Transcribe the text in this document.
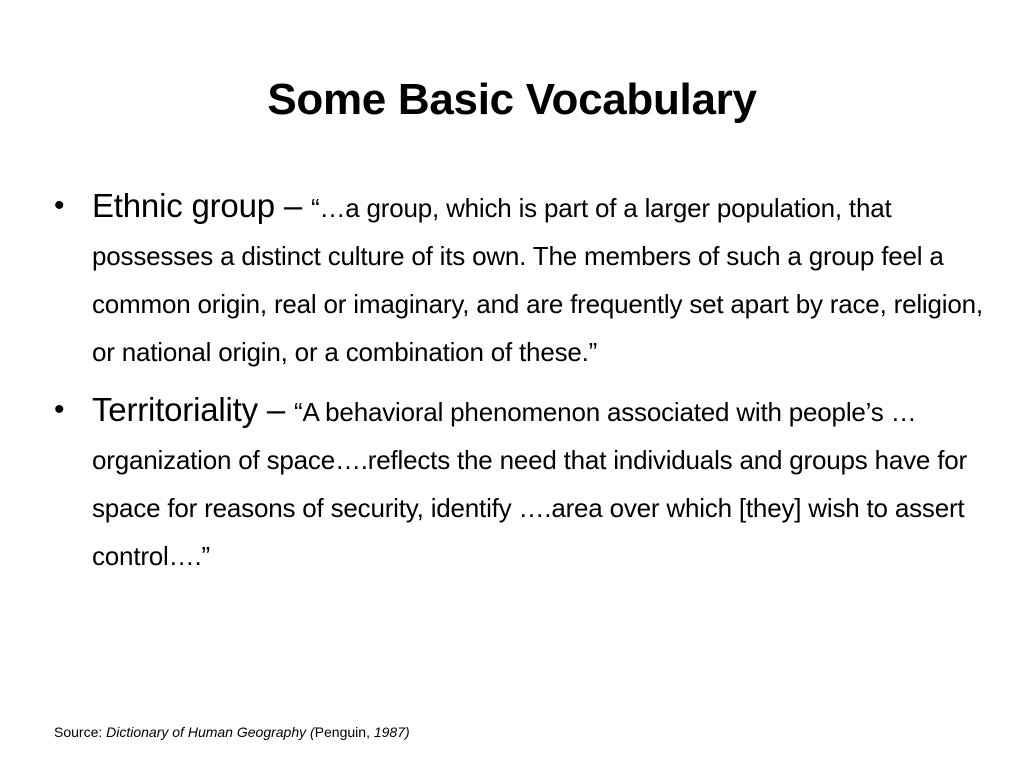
Some Basic Vocabulary
• Ethnic group – “…a group, which is part of a larger population, that possesses a distinct culture of its own. The members of such a group feel a common origin, real or imaginary, and are frequently set apart by race, religion, or national origin, or a combination of these.”
• Territoriality – “A behavioral phenomenon associated with people’s …organization of space….reflects the need that individuals and groups have for space for reasons of security, identify ….area over which [they] wish to assert control….”
Source: Dictionary of Human Geography (Penguin, 1987)
